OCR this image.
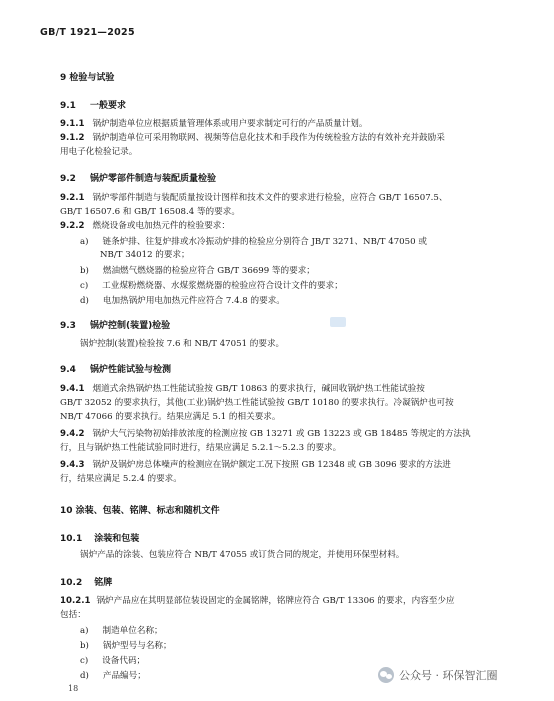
GB/T 1921—2025
9 检验与试验
9.1 一般要求
9.1.1 锅炉制造单位应根据质量管理体系或用户要求制定可行的产品质量计划。
9.1.2 锅炉制造单位可采用物联网、视频等信息化技术和手段作为传统检验方法的有效补充并鼓励采
用电子化检验记录。
9.2 锅炉零部件制造与装配质量检验
9.2.1 锅炉零部件制造与装配质量按设计图样和技术文件的要求进行检验，应符合 GB/T 16507.5、
GB/T 16507.6 和 GB/T 16508.4 等的要求。
9.2.2 燃烧设备或电加热元件的检验要求：
a) 链条炉排、往复炉排或水冷振动炉排的检验应分别符合 JB/T 3271、NB/T 47050 或
NB/T 34012 的要求；
b) 燃油燃气燃烧器的检验应符合 GB/T 36699 等的要求；
c) 工业煤粉燃烧器、水煤浆燃烧器的检验应符合设计文件的要求；
d) 电加热锅炉用电加热元件应符合 7.4.8 的要求。
9.3 锅炉控制(装置)检验
锅炉控制(装置)检验按 7.6 和 NB/T 47051 的要求。
9.4 锅炉性能试验与检测
9.4.1 烟道式余热锅炉热工性能试验按 GB/T 10863 的要求执行，碱回收锅炉热工性能试验按
GB/T 32052 的要求执行，其他(工业)锅炉热工性能试验按 GB/T 10180 的要求执行。冷凝锅炉也可按
NB/T 47066 的要求执行。结果应满足 5.1 的相关要求。
9.4.2 锅炉大气污染物初始排放浓度的检测应按 GB 13271 或 GB 13223 或 GB 18485 等规定的方法执
行，且与锅炉热工性能试验同时进行，结果应满足 5.2.1～5.2.3 的要求。
9.4.3 锅炉及锅炉房总体噪声的检测应在锅炉额定工况下按照 GB 12348 或 GB 3096 要求的方法进
行，结果应满足 5.2.4 的要求。
10 涂装、包装、铭牌、标志和随机文件
10.1 涂装和包装
锅炉产品的涂装、包装应符合 NB/T 47055 或订货合同的规定，并使用环保型材料。
10.2 铭牌
10.2.1 锅炉产品应在其明显部位装设固定的金属铭牌，铭牌应符合 GB/T 13306 的要求，内容至少应
包括：
a) 制造单位名称；
b) 锅炉型号与名称；
c) 设备代码；
d) 产品编号；
18
公众号 · 环保智汇圈
